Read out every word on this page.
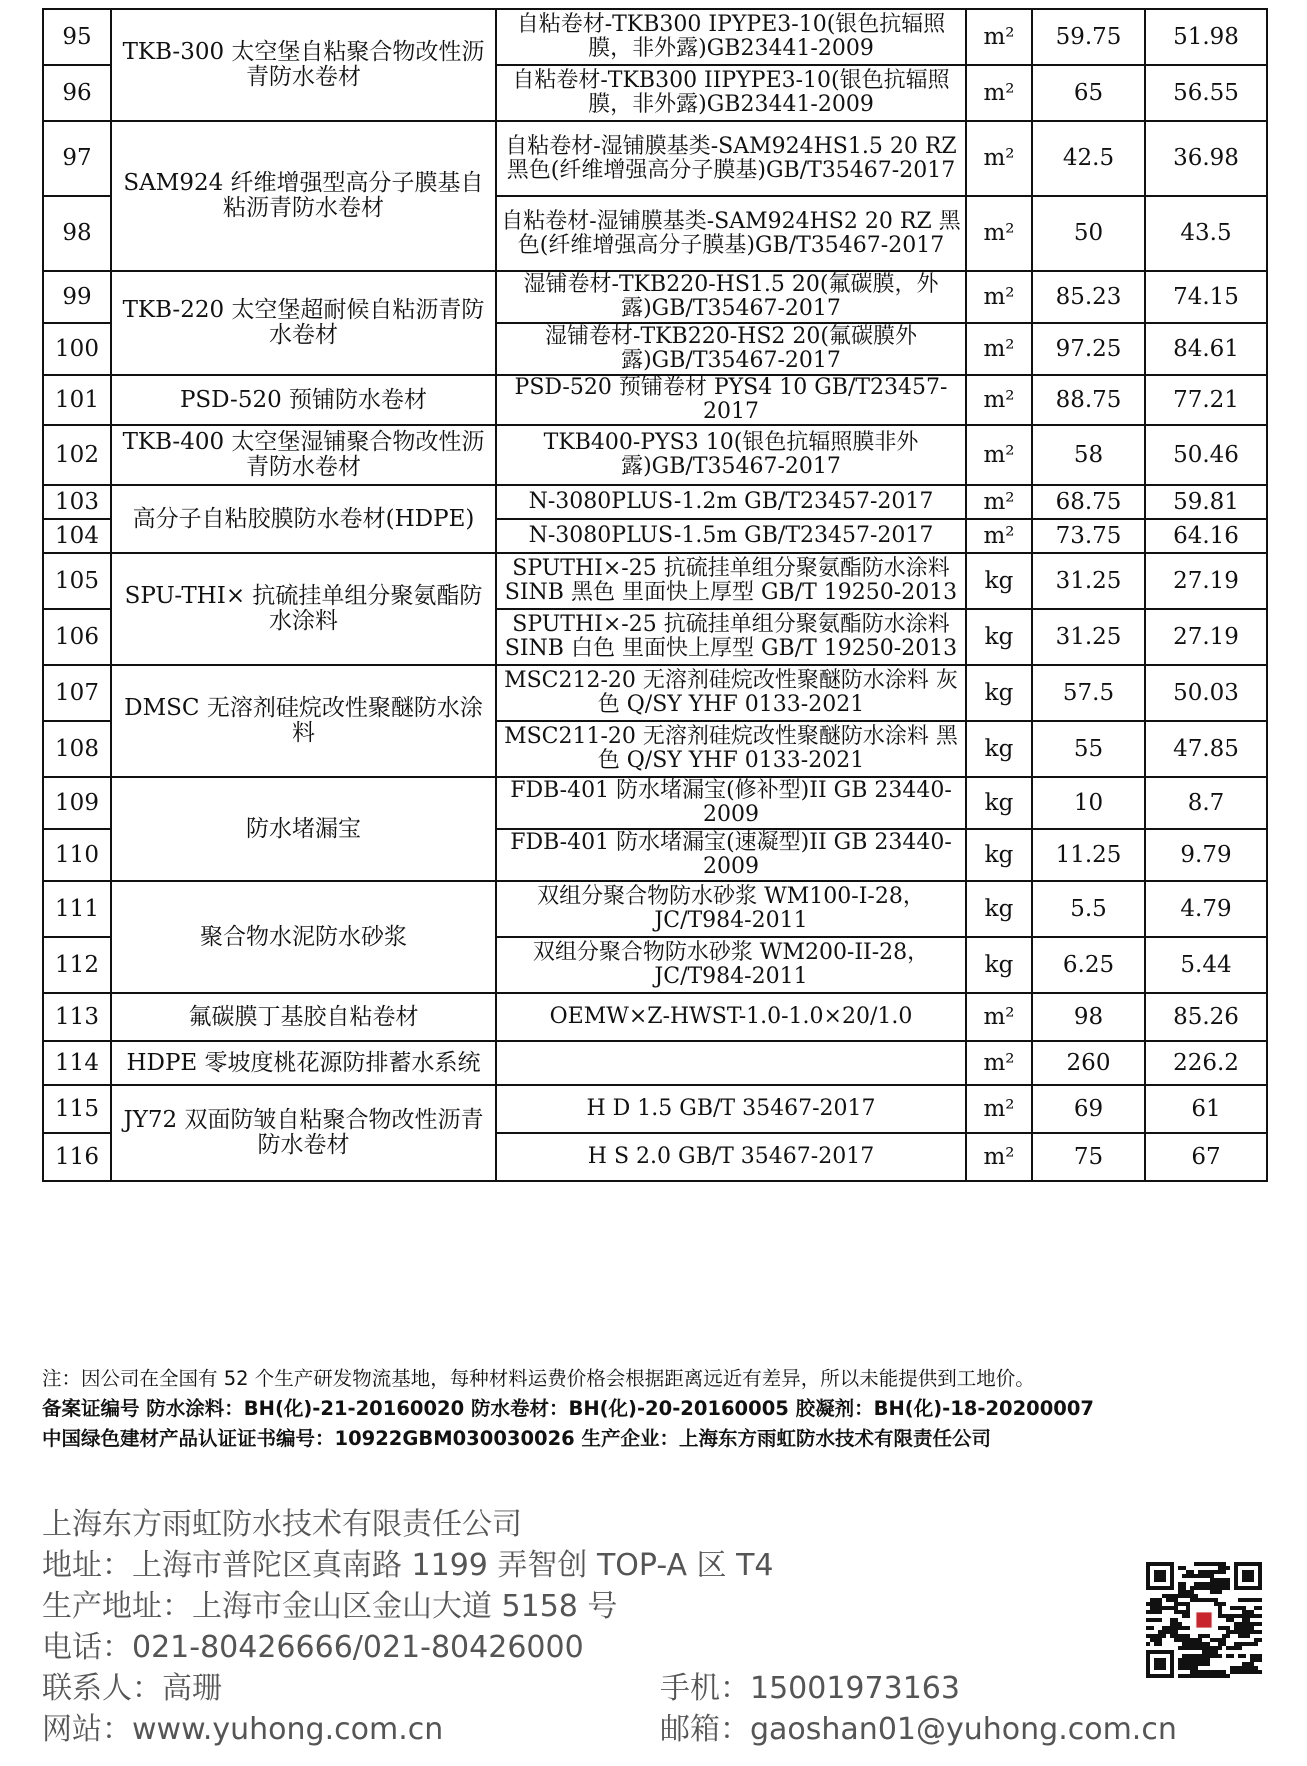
95	TKB-300 太空堡自粘聚合物改性沥青防水卷材	自粘卷材-TKB300 IPYPE3-10(银色抗辐照膜，非外露)GB23441-2009	m²	59.75	51.98
96		自粘卷材-TKB300 IIPYPE3-10(银色抗辐照膜，非外露)GB23441-2009	m²	65	56.55
97	SAM924 纤维增强型高分子膜基自粘沥青防水卷材	自粘卷材-湿铺膜基类-SAM924HS1.5 20 RZ 黑色(纤维增强高分子膜基)GB/T35467-2017	m²	42.5	36.98
98		自粘卷材-湿铺膜基类-SAM924HS2 20 RZ 黑色(纤维增强高分子膜基)GB/T35467-2017	m²	50	43.5
99	TKB-220 太空堡超耐候自粘沥青防水卷材	湿铺卷材-TKB220-HS1.5 20(氟碳膜，外露)GB/T35467-2017	m²	85.23	74.15
100		湿铺卷材-TKB220-HS2 20(氟碳膜外露)GB/T35467-2017	m²	97.25	84.61
101	PSD-520 预铺防水卷材	PSD-520 预铺卷材 PYS4 10 GB/T23457-2017	m²	88.75	77.21
102	TKB-400 太空堡湿铺聚合物改性沥青防水卷材	TKB400-PYS3 10(银色抗辐照膜非外露)GB/T35467-2017	m²	58	50.46
103	高分子自粘胶膜防水卷材(HDPE)	N-3080PLUS-1.2m GB/T23457-2017	m²	68.75	59.81
104		N-3080PLUS-1.5m GB/T23457-2017	m²	73.75	64.16
105	SPU-THI× 抗硫挂单组分聚氨酯防水涂料	SPUTHI×-25 抗硫挂单组分聚氨酯防水涂料 SINB 黑色 里面快上厚型 GB/T 19250-2013	kg	31.25	27.19
106		SPUTHI×-25 抗硫挂单组分聚氨酯防水涂料 SINB 白色 里面快上厚型 GB/T 19250-2013	kg	31.25	27.19
107	DMSC 无溶剂硅烷改性聚醚防水涂料	MSC212-20 无溶剂硅烷改性聚醚防水涂料 灰色 Q/SY YHF 0133-2021	kg	57.5	50.03
108		MSC211-20 无溶剂硅烷改性聚醚防水涂料 黑色 Q/SY YHF 0133-2021	kg	55	47.85
109	防水堵漏宝	FDB-401 防水堵漏宝(修补型)II GB 23440-2009	kg	10	8.7
110		FDB-401 防水堵漏宝(速凝型)II GB 23440-2009	kg	11.25	9.79
111	聚合物水泥防水砂浆	双组分聚合物防水砂浆 WM100-I-28，JC/T984-2011	kg	5.5	4.79
112		双组分聚合物防水砂浆 WM200-II-28，JC/T984-2011	kg	6.25	5.44
113	氟碳膜丁基胶自粘卷材	OEMW×Z-HWST-1.0-1.0×20/1.0	m²	98	85.26
114	HDPE 零坡度桃花源防排蓄水系统		m²	260	226.2
115	JY72 双面防皱自粘聚合物改性沥青防水卷材	H D 1.5 GB/T 35467-2017	m²	69	61
116		H S 2.0 GB/T 35467-2017	m²	75	67
注：因公司在全国有 52 个生产研发物流基地，每种材料运费价格会根据距离远近有差异，所以未能提供到工地价。
备案证编号 防水涂料：BH(化)-21-20160020 防水卷材：BH(化)-20-20160005 胶凝剂：BH(化)-18-20200007
中国绿色建材产品认证证书编号：10922GBM030030026 生产企业：上海东方雨虹防水技术有限责任公司
上海东方雨虹防水技术有限责任公司
地址：上海市普陀区真南路 1199 弄智创 TOP-A 区 T4
生产地址：上海市金山区金山大道 5158 号
电话：021-80426666/021-80426000
联系人：高珊	手机：15001973163
网站：www.yuhong.com.cn	邮箱：gaoshan01@yuhong.com.cn
